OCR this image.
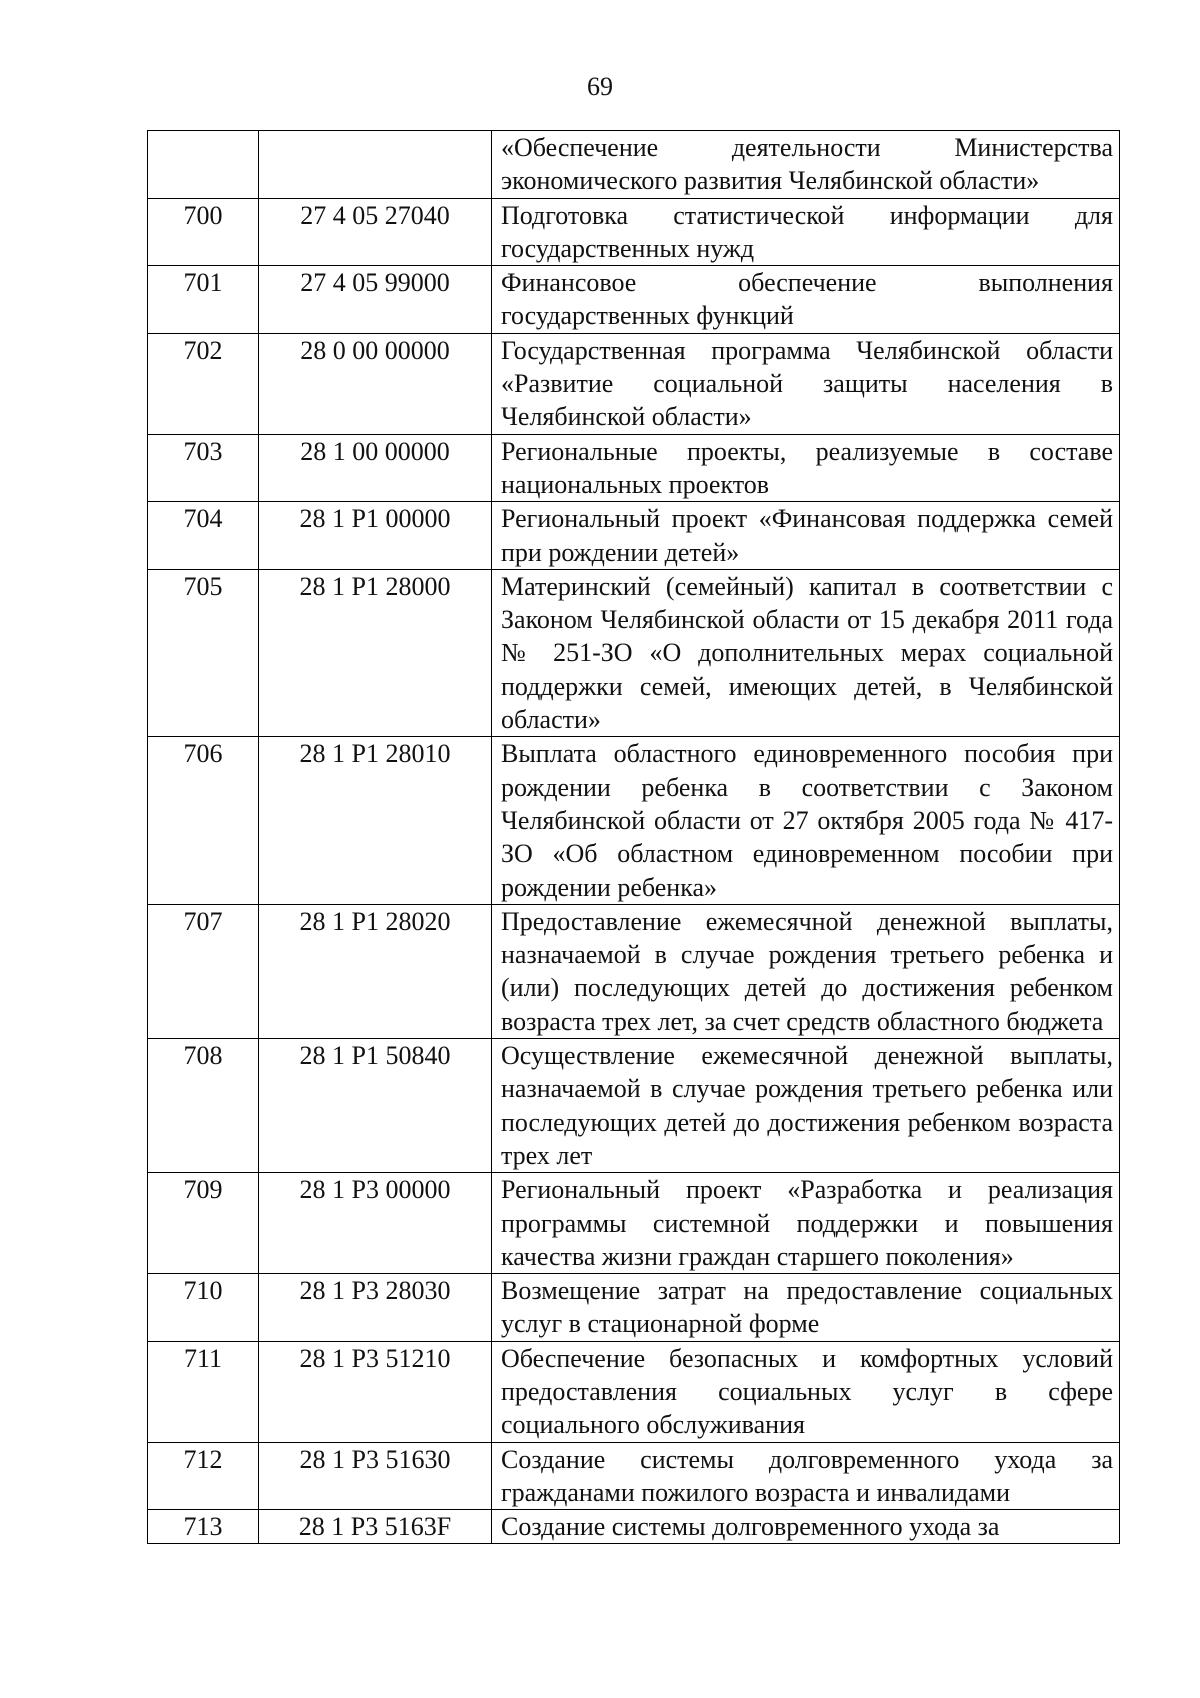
69
		«Обеспечение деятельности Министерства экономического развития Челябинской области»
700	27 4 05 27040	Подготовка статистической информации для государственных нужд
701	27 4 05 99000	Финансовое обеспечение выполнения государственных функций
702	28 0 00 00000	Государственная программа Челябинской области «Развитие социальной защиты населения в Челябинской области»
703	28 1 00 00000	Региональные проекты, реализуемые в составе национальных проектов
704	28 1 P1 00000	Региональный проект «Финансовая поддержка семей при рождении детей»
705	28 1 P1 28000	Материнский (семейный) капитал в соответствии с Законом Челябинской области от 15 декабря 2011 года № 251-ЗО «О дополнительных мерах социальной поддержки семей, имеющих детей, в Челябинской области»
706	28 1 P1 28010	Выплата областного единовременного пособия при рождении ребенка в соответствии с Законом Челябинской области от 27 октября 2005 года № 417-ЗО «Об областном единовременном пособии при рождении ребенка»
707	28 1 P1 28020	Предоставление ежемесячной денежной выплаты, назначаемой в случае рождения третьего ребенка и (или) последующих детей до достижения ребенком возраста трех лет, за счет средств областного бюджета
708	28 1 P1 50840	Осуществление ежемесячной денежной выплаты, назначаемой в случае рождения третьего ребенка или последующих детей до достижения ребенком возраста трех лет
709	28 1 P3 00000	Региональный проект «Разработка и реализация программы системной поддержки и повышения качества жизни граждан старшего поколения»
710	28 1 P3 28030	Возмещение затрат на предоставление социальных услуг в стационарной форме
711	28 1 P3 51210	Обеспечение безопасных и комфортных условий предоставления социальных услуг в сфере социального обслуживания
712	28 1 P3 51630	Создание системы долговременного ухода за гражданами пожилого возраста и инвалидами
713	28 1 P3 5163F	Создание системы долговременного ухода за
